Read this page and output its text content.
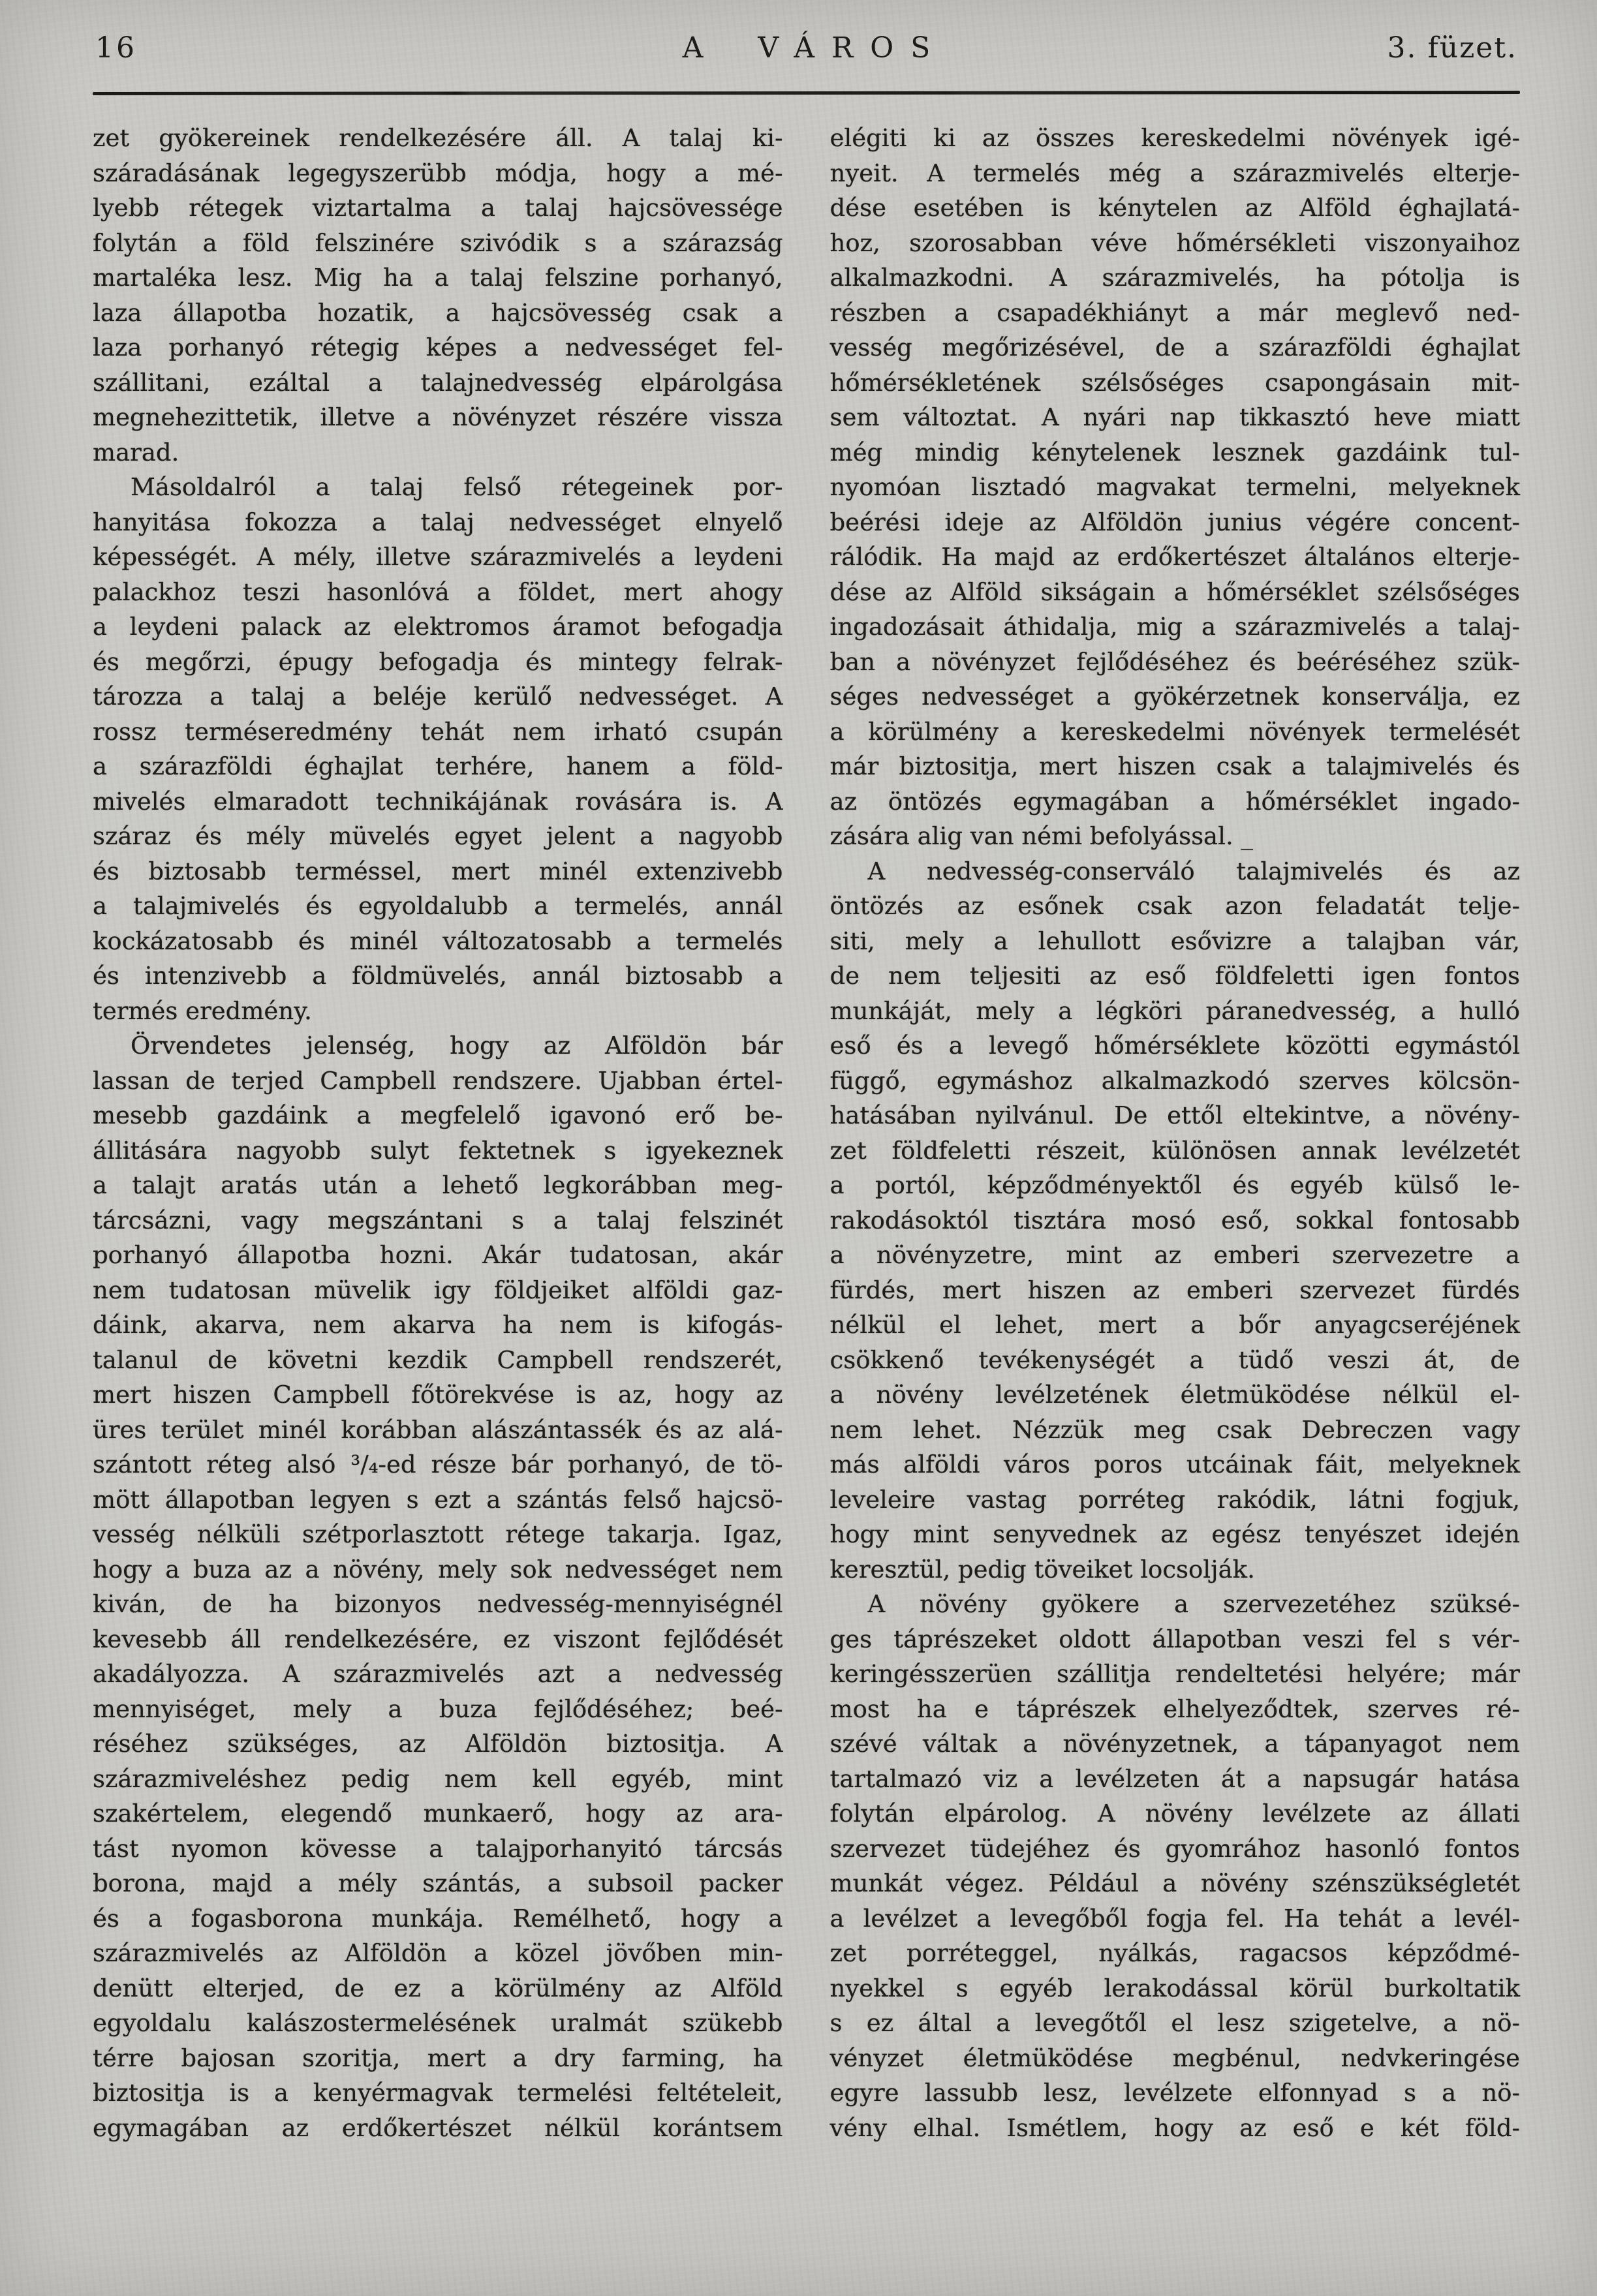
16	A VÁROS	3. füzet.
zet gyökereinek rendelkezésére áll. A talaj ki-
száradásának legegyszerübb módja, hogy a mé-
lyebb rétegek viztartalma a talaj hajcsövessége
folytán a föld felszinére szivódik s a szárazság
martaléka lesz. Mig ha a talaj felszine porhanyó,
laza állapotba hozatik, a hajcsövesség csak a
laza porhanyó rétegig képes a nedvességet fel-
szállitani, ezáltal a talajnedvesség elpárolgása
megnehezittetik, illetve a növényzet részére vissza
marad.
Másoldalról a talaj felső rétegeinek por-
hanyitása fokozza a talaj nedvességet elnyelő
képességét. A mély, illetve szárazmivelés a leydeni
palackhoz teszi hasonlóvá a földet, mert ahogy
a leydeni palack az elektromos áramot befogadja
és megőrzi, épugy befogadja és mintegy felrak-
tározza a talaj a beléje kerülő nedvességet. A
rossz terméseredmény tehát nem irható csupán
a szárazföldi éghajlat terhére, hanem a föld-
mivelés elmaradott technikájának rovására is. A
száraz és mély müvelés egyet jelent a nagyobb
és biztosabb terméssel, mert minél extenzivebb
a talajmivelés és egyoldalubb a termelés, annál
kockázatosabb és minél változatosabb a termelés
és intenzivebb a földmüvelés, annál biztosabb a
termés eredmény.
Örvendetes jelenség, hogy az Alföldön bár
lassan de terjed Campbell rendszere. Ujabban értel-
mesebb gazdáink a megfelelő igavonó erő be-
állitására nagyobb sulyt fektetnek s igyekeznek
a talajt aratás után a lehető legkorábban meg-
tárcsázni, vagy megszántani s a talaj felszinét
porhanyó állapotba hozni. Akár tudatosan, akár
nem tudatosan müvelik igy földjeiket alföldi gaz-
dáink, akarva, nem akarva ha nem is kifogás-
talanul de követni kezdik Campbell rendszerét,
mert hiszen Campbell főtörekvése is az, hogy az
üres terület minél korábban alászántassék és az alá-
szántott réteg alsó ³/₄-ed része bár porhanyó, de tö-
mött állapotban legyen s ezt a szántás felső hajcsö-
vesség nélküli szétporlasztott rétege takarja. Igaz,
hogy a buza az a növény, mely sok nedvességet nem
kiván, de ha bizonyos nedvesség-mennyiségnél
kevesebb áll rendelkezésére, ez viszont fejlődését
akadályozza. A szárazmivelés azt a nedvesség
mennyiséget, mely a buza fejlődéséhez; beé-
réséhez szükséges, az Alföldön biztositja. A
szárazmiveléshez pedig nem kell egyéb, mint
szakértelem, elegendő munkaerő, hogy az ara-
tást nyomon kövesse a talajporhanyitó tárcsás
borona, majd a mély szántás, a subsoil packer
és a fogasborona munkája. Remélhető, hogy a
szárazmivelés az Alföldön a közel jövőben min-
denütt elterjed, de ez a körülmény az Alföld
egyoldalu kalászostermelésének uralmát szükebb
térre bajosan szoritja, mert a dry farming, ha
biztositja is a kenyérmagvak termelési feltételeit,
egymagában az erdőkertészet nélkül korántsem
elégiti ki az összes kereskedelmi növények igé-
nyeit. A termelés még a szárazmivelés elterje-
dése esetében is kénytelen az Alföld éghajlatá-
hoz, szorosabban véve hőmérsékleti viszonyaihoz
alkalmazkodni. A szárazmivelés, ha pótolja is
részben a csapadékhiányt a már meglevő ned-
vesség megőrizésével, de a szárazföldi éghajlat
hőmérsékletének szélsőséges csapongásain mit-
sem változtat. A nyári nap tikkasztó heve miatt
még mindig kénytelenek lesznek gazdáink tul-
nyomóan lisztadó magvakat termelni, melyeknek
beérési ideje az Alföldön junius végére concent-
rálódik. Ha majd az erdőkertészet általános elterje-
dése az Alföld sikságain a hőmérséklet szélsőséges
ingadozásait áthidalja, mig a szárazmivelés a talaj-
ban a növényzet fejlődéséhez és beéréséhez szük-
séges nedvességet a gyökérzetnek konserválja, ez
a körülmény a kereskedelmi növények termelését
már biztositja, mert hiszen csak a talajmivelés és
az öntözés egymagában a hőmérséklet ingado-
zására alig van némi befolyással. _
A nedvesség-conserváló talajmivelés és az
öntözés az esőnek csak azon feladatát telje-
siti, mely a lehullott esővizre a talajban vár,
de nem teljesiti az eső földfeletti igen fontos
munkáját, mely a légköri páranedvesség, a hulló
eső és a levegő hőmérséklete közötti egymástól
függő, egymáshoz alkalmazkodó szerves kölcsön-
hatásában nyilvánul. De ettől eltekintve, a növény-
zet földfeletti részeit, különösen annak levélzetét
a portól, képződményektől és egyéb külső le-
rakodásoktól tisztára mosó eső, sokkal fontosabb
a növényzetre, mint az emberi szervezetre a
fürdés, mert hiszen az emberi szervezet fürdés
nélkül el lehet, mert a bőr anyagcseréjének
csökkenő tevékenységét a tüdő veszi át, de
a növény levélzetének életmüködése nélkül el-
nem lehet. Nézzük meg csak Debreczen vagy
más alföldi város poros utcáinak fáit, melyeknek
leveleire vastag porréteg rakódik, látni fogjuk,
hogy mint senyvednek az egész tenyészet idején
keresztül, pedig töveiket locsolják.
A növény gyökere a szervezetéhez szüksé-
ges táprészeket oldott állapotban veszi fel s vér-
keringésszerüen szállitja rendeltetési helyére; már
most ha e táprészek elhelyeződtek, szerves ré-
szévé váltak a növényzetnek, a tápanyagot nem
tartalmazó viz a levélzeten át a napsugár hatása
folytán elpárolog. A növény levélzete az állati
szervezet tüdejéhez és gyomrához hasonló fontos
munkát végez. Például a növény szénszükségletét
a levélzet a levegőből fogja fel. Ha tehát a levél-
zet porréteggel, nyálkás, ragacsos képződmé-
nyekkel s egyéb lerakodással körül burkoltatik
s ez által a levegőtől el lesz szigetelve, a nö-
vényzet életmüködése megbénul, nedvkeringése
egyre lassubb lesz, levélzete elfonnyad s a nö-
vény elhal. Ismétlem, hogy az eső e két föld-
